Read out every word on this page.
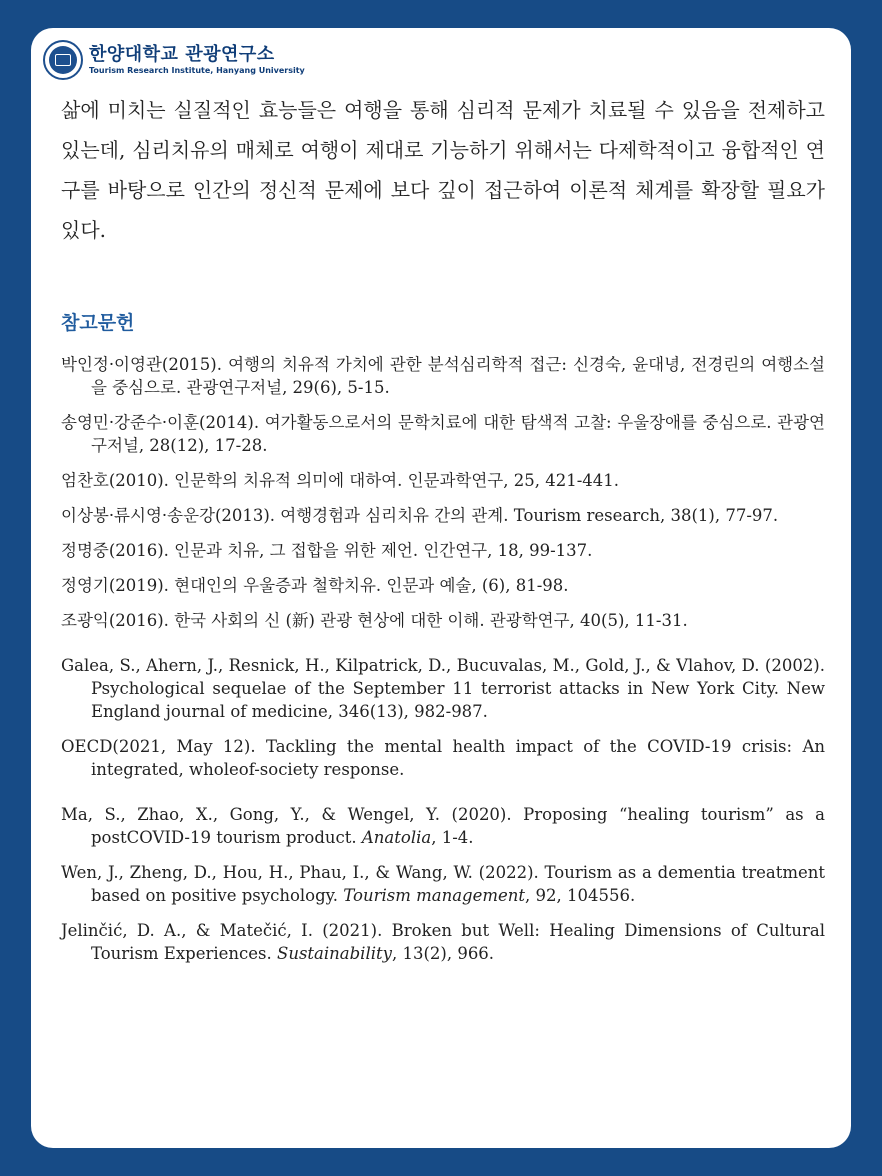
한양대학교 관광연구소
Tourism Research Institute, Hanyang University

삶에 미치는 실질적인 효능들은 여행을 통해 심리적 문제가 치료될 수 있음을 전제하고 있는데, 심리치유의 매체로 여행이 제대로 기능하기 위해서는 다제학적이고 융합적인 연구를 바탕으로 인간의 정신적 문제에 보다 깊이 접근하여 이론적 체계를 확장할 필요가 있다.

참고문헌
박인정·이영관(2015). 여행의 치유적 가치에 관한 분석심리학적 접근: 신경숙, 윤대녕, 전경린의 여행소설을 중심으로. 관광연구저널, 29(6), 5-15.
송영민·강준수·이훈(2014). 여가활동으로서의 문학치료에 대한 탐색적 고찰: 우울장애를 중심으로. 관광연구저널, 28(12), 17-28.
엄찬호(2010). 인문학의 치유적 의미에 대하여. 인문과학연구, 25, 421-441.
이상봉·류시영·송운강(2013). 여행경험과 심리치유 간의 관계. Tourism research, 38(1), 77-97.
정명중(2016). 인문과 치유, 그 접합을 위한 제언. 인간연구, 18, 99-137.
정영기(2019). 현대인의 우울증과 철학치유. 인문과 예술, (6), 81-98.
조광익(2016). 한국 사회의 신 (新) 관광 현상에 대한 이해. 관광학연구, 40(5), 11-31.
Galea, S., Ahern, J., Resnick, H., Kilpatrick, D., Bucuvalas, M., Gold, J., & Vlahov, D. (2002). Psychological sequelae of the September 11 terrorist attacks in New York City. New England journal of medicine, 346(13), 982-987.
OECD(2021, May 12). Tackling the mental health impact of the COVID-19 crisis: An integrated, wholeof-society response.
Ma, S., Zhao, X., Gong, Y., & Wengel, Y. (2020). Proposing “healing tourism” as a postCOVID-19 tourism product. Anatolia, 1-4.
Wen, J., Zheng, D., Hou, H., Phau, I., & Wang, W. (2022). Tourism as a dementia treatment based on positive psychology. Tourism management, 92, 104556.
Jelinčić, D. A., & Matečić, I. (2021). Broken but Well: Healing Dimensions of Cultural Tourism Experiences. Sustainability, 13(2), 966.
